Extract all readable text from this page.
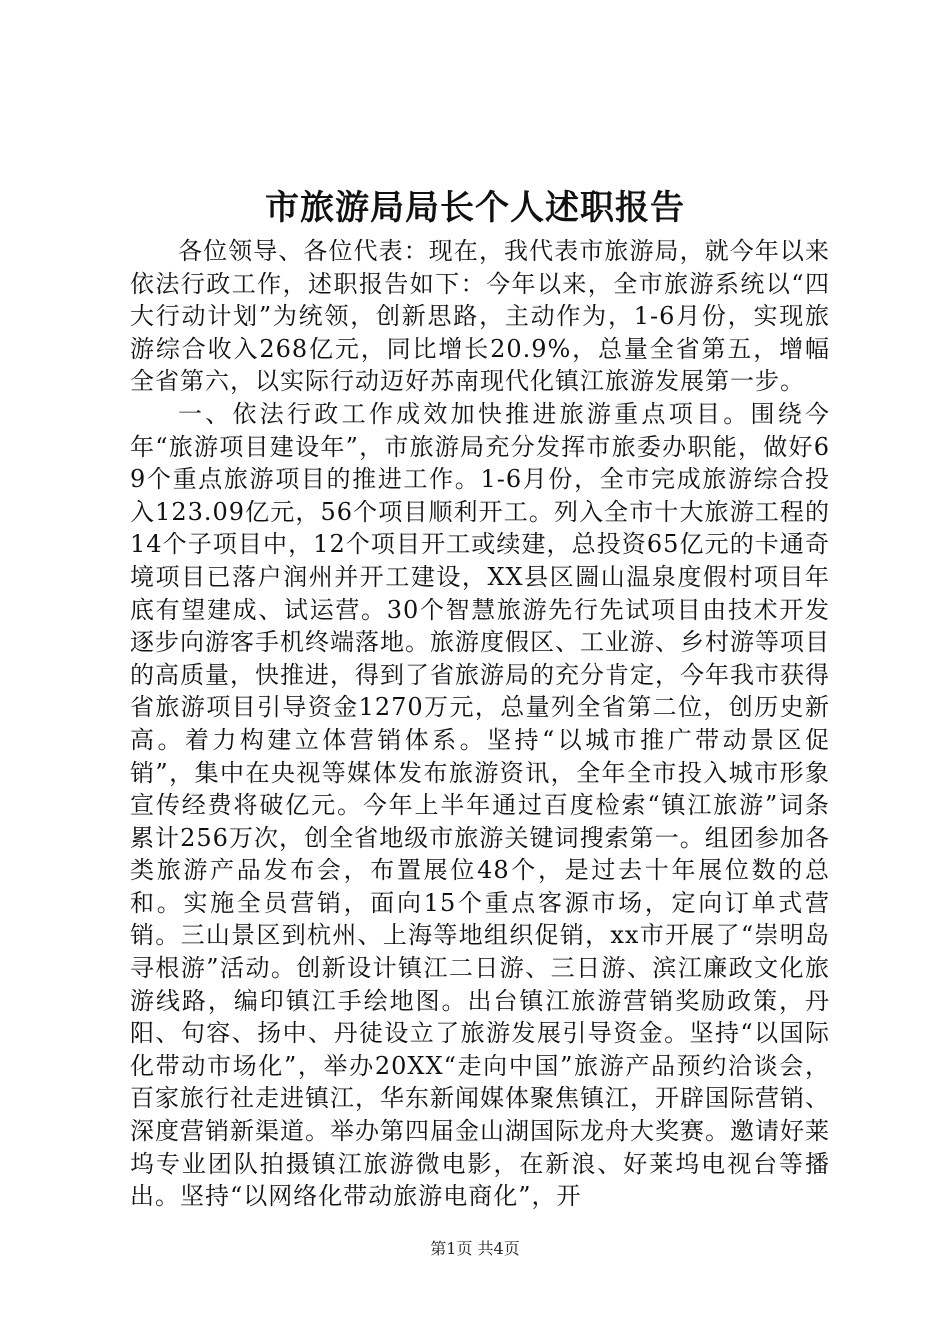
市旅游局局长个人述职报告

各位领导、各位代表：现在，我代表市旅游局，就今年以来依法行政工作，述职报告如下：今年以来，全市旅游系统以“四大行动计划”为统领，创新思路，主动作为，1-6月份，实现旅游综合收入268亿元，同比增长20.9%，总量全省第五，增幅全省第六，以实际行动迈好苏南现代化镇江旅游发展第一步。

一、依法行政工作成效加快推进旅游重点项目。围绕今年“旅游项目建设年”，市旅游局充分发挥市旅委办职能，做好69个重点旅游项目的推进工作。1-6月份，全市完成旅游综合投入123.09亿元，56个项目顺利开工。列入全市十大旅游工程的14个子项目中，12个项目开工或续建，总投资65亿元的卡通奇境项目已落户润州并开工建设，XX县区圌山温泉度假村项目年底有望建成、试运营。30个智慧旅游先行先试项目由技术开发逐步向游客手机终端落地。旅游度假区、工业游、乡村游等项目的高质量，快推进，得到了省旅游局的充分肯定，今年我市获得省旅游项目引导资金1270万元，总量列全省第二位，创历史新高。着力构建立体营销体系。坚持“以城市推广带动景区促销”，集中在央视等媒体发布旅游资讯，全年全市投入城市形象宣传经费将破亿元。今年上半年通过百度检索“镇江旅游”词条累计256万次，创全省地级市旅游关键词搜索第一。组团参加各类旅游产品发布会，布置展位48个，是过去十年展位数的总和。实施全员营销，面向15个重点客源市场，定向订单式营销。三山景区到杭州、上海等地组织促销，xx市开展了“崇明岛寻根游”活动。创新设计镇江二日游、三日游、滨江廉政文化旅游线路，编印镇江手绘地图。出台镇江旅游营销奖励政策，丹阳、句容、扬中、丹徒设立了旅游发展引导资金。坚持“以国际化带动市场化”，举办20XX“走向中国”旅游产品预约洽谈会，百家旅行社走进镇江，华东新闻媒体聚焦镇江，开辟国际营销、深度营销新渠道。举办第四届金山湖国际龙舟大奖赛。邀请好莱坞专业团队拍摄镇江旅游微电影，在新浪、好莱坞电视台等播出。坚持“以网络化带动旅游电商化”，开

第1页 共4页
